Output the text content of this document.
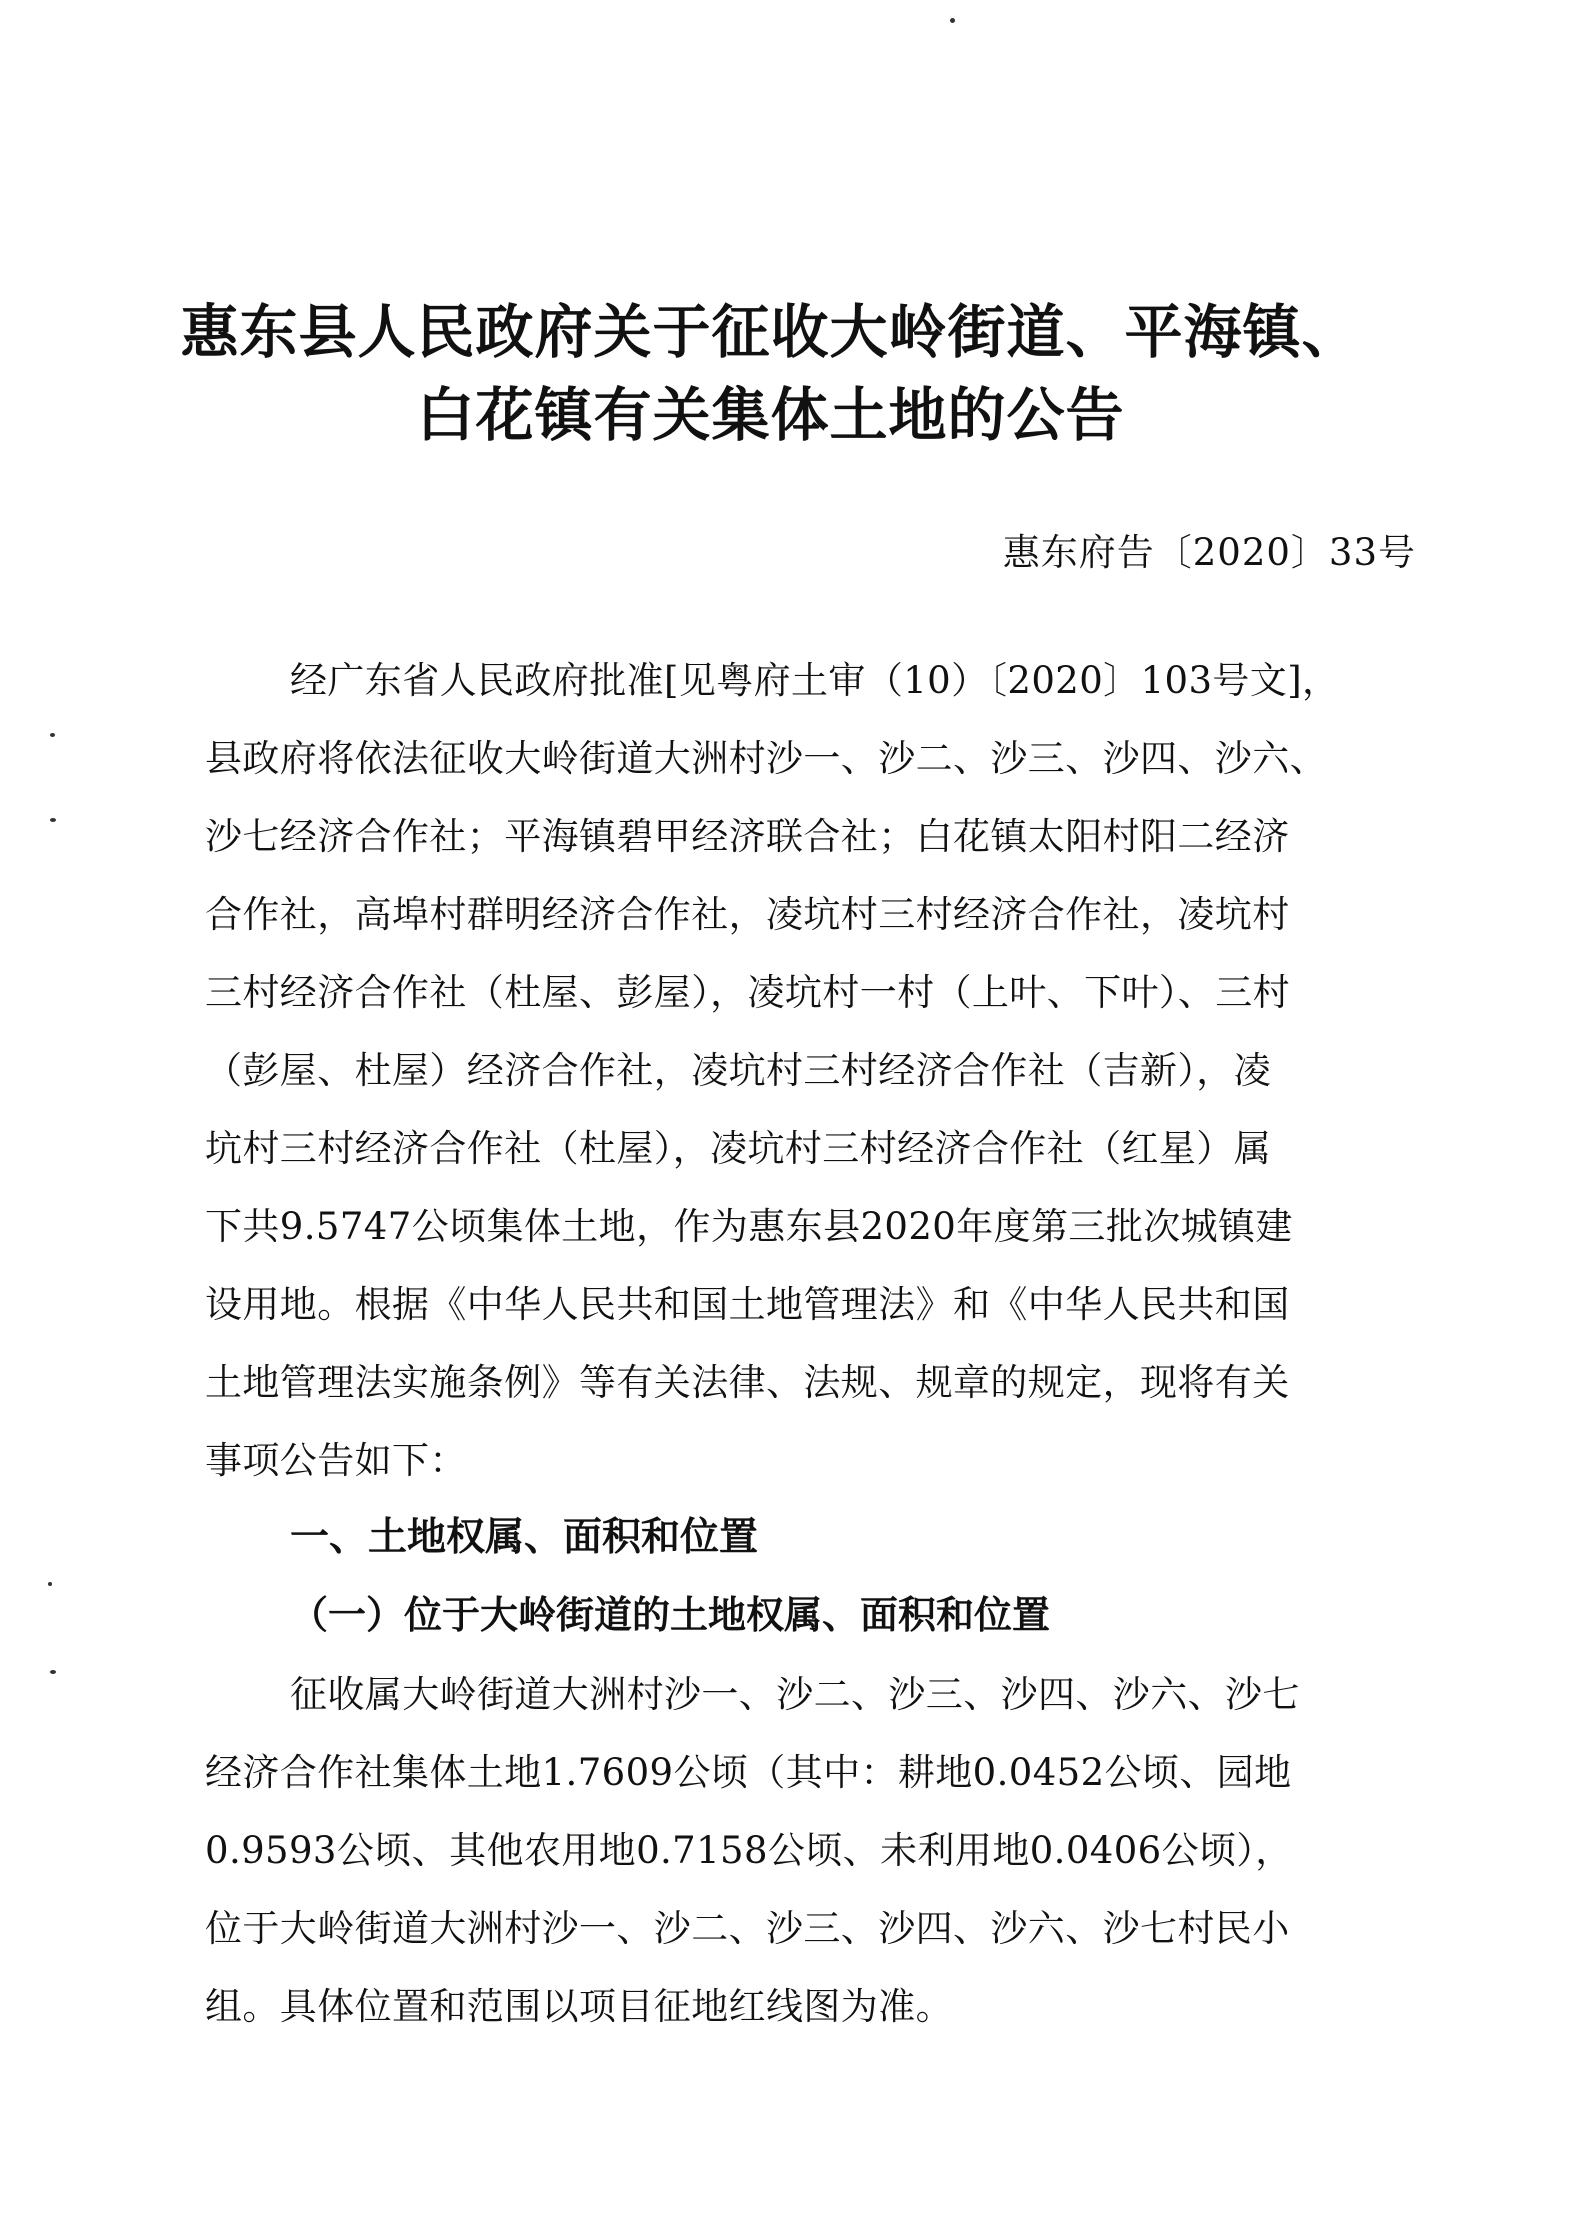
惠东县人民政府关于征收大岭街道、平海镇、
白花镇有关集体土地的公告
惠东府告〔2020〕33号
经广东省人民政府批准[见粤府土审（10）〔2020〕103号文]，
县政府将依法征收大岭街道大洲村沙一、沙二、沙三、沙四、沙六、
沙七经济合作社；平海镇碧甲经济联合社；白花镇太阳村阳二经济
合作社，高埠村群明经济合作社，凌坑村三村经济合作社，凌坑村
三村经济合作社（杜屋、彭屋），凌坑村一村（上叶、下叶）、三村
（彭屋、杜屋）经济合作社，凌坑村三村经济合作社（吉新），凌
坑村三村经济合作社（杜屋），凌坑村三村经济合作社（红星）属
下共9.5747公顷集体土地，作为惠东县2020年度第三批次城镇建
设用地。根据《中华人民共和国土地管理法》和《中华人民共和国
土地管理法实施条例》等有关法律、法规、规章的规定，现将有关
事项公告如下：
一、土地权属、面积和位置
（一）位于大岭街道的土地权属、面积和位置
征收属大岭街道大洲村沙一、沙二、沙三、沙四、沙六、沙七
经济合作社集体土地1.7609公顷（其中：耕地0.0452公顷、园地
0.9593公顷、其他农用地0.7158公顷、未利用地0.0406公顷），
位于大岭街道大洲村沙一、沙二、沙三、沙四、沙六、沙七村民小
组。具体位置和范围以项目征地红线图为准。
